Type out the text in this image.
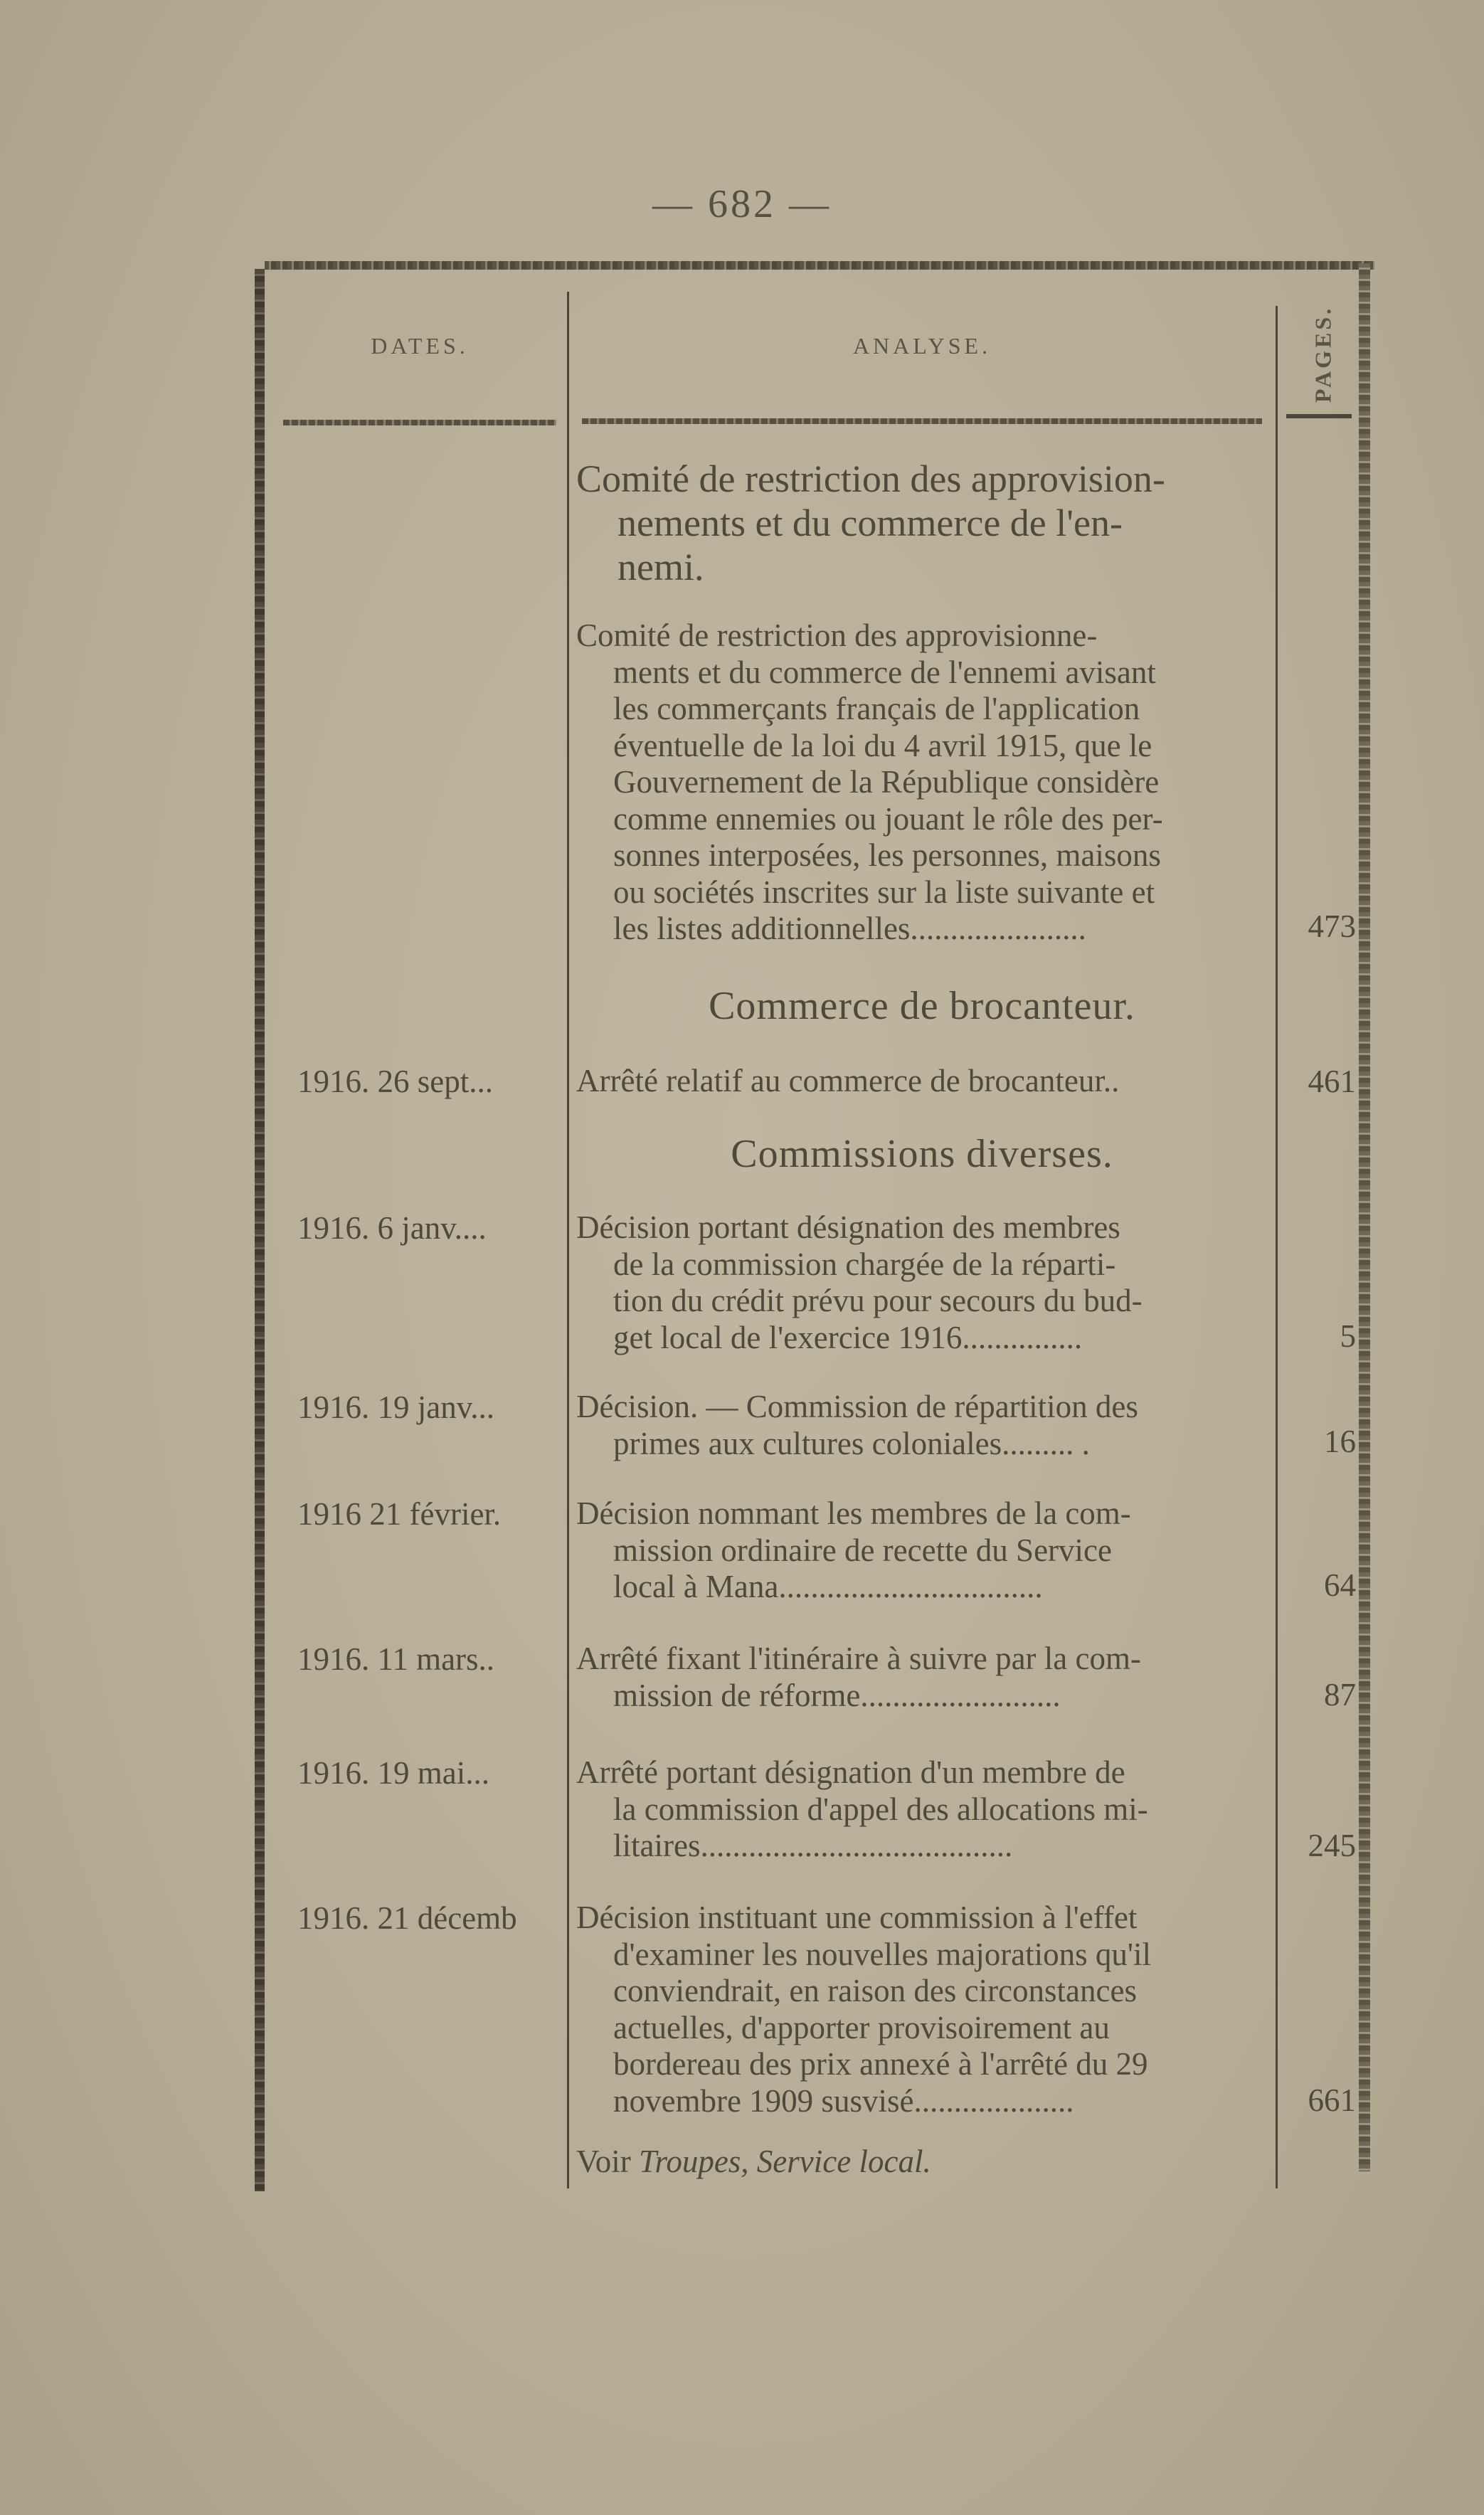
— 682 —
DATES.	ANALYSE.	PAGES.
Comité de restriction des approvision-
nements et du commerce de l'en-
nemi.
Comité de restriction des approvisionne-
ments et du commerce de l'ennemi avisant
les commerçants français de l'application
éventuelle de la loi du 4 avril 1915, que le
Gouvernement de la République considère
comme ennemies ou jouant le rôle des per-
sonnes interposées, les personnes, maisons
ou sociétés inscrites sur la liste suivante et
les listes additionnelles......................	473
Commerce de brocanteur.
1916. 26 sept...	Arrêté relatif au commerce de brocanteur..	461
Commissions diverses.
1916. 6 janv....	Décision portant désignation des membres
de la commission chargée de la réparti-
tion du crédit prévu pour secours du bud-
get local de l'exercice 1916...............	5
1916. 19 janv...	Décision. — Commission de répartition des
primes aux cultures coloniales......... .	16
1916 21 février.	Décision nommant les membres de la com-
mission ordinaire de recette du Service
local à Mana.................................	64
1916. 11 mars..	Arrêté fixant l'itinéraire à suivre par la com-
mission de réforme.........................	87
1916. 19 mai...	Arrêté portant désignation d'un membre de
la commission d'appel des allocations mi-
litaires.......................................	245
1916. 21 décemb	Décision instituant une commission à l'effet
d'examiner les nouvelles majorations qu'il
conviendrait, en raison des circonstances
actuelles, d'apporter provisoirement au
bordereau des prix annexé à l'arrêté du 29
novembre 1909 susvisé....................	661
Voir Troupes, Service local.
